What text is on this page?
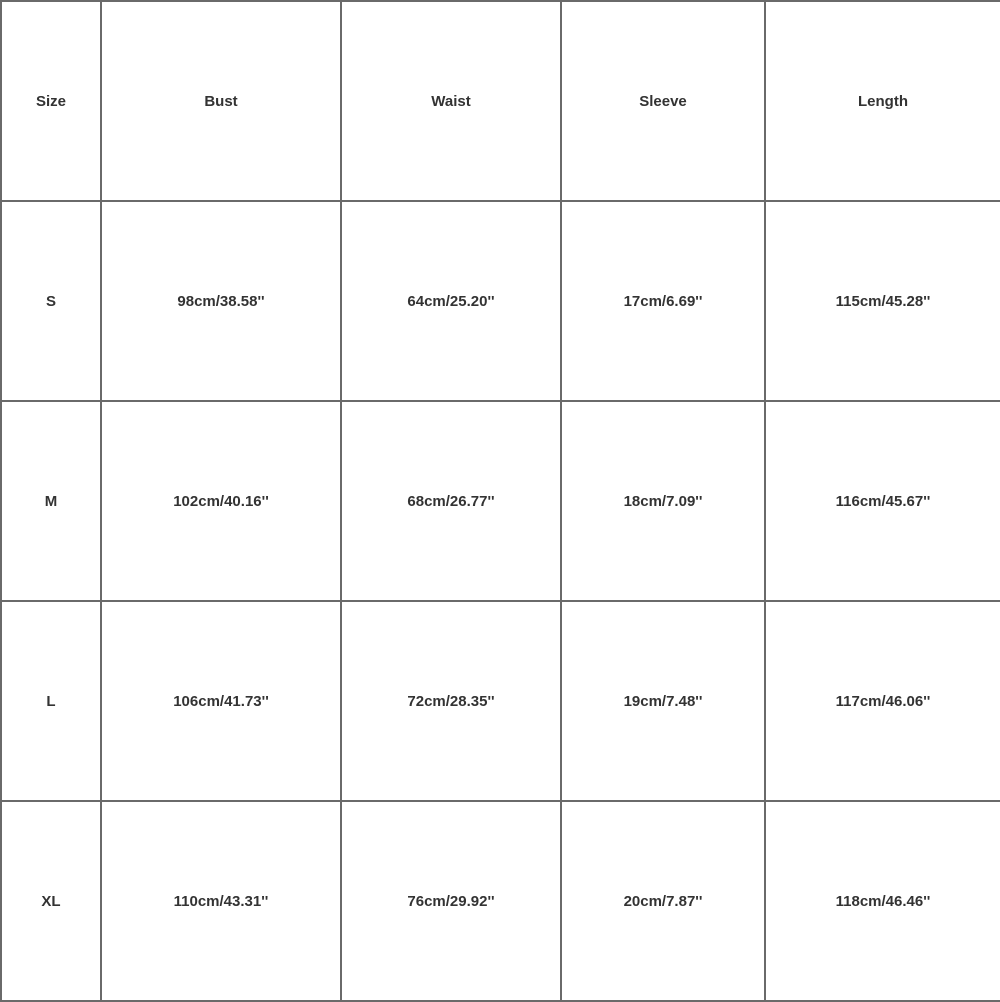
Size	Bust	Waist	Sleeve	Length
S	98cm/38.58''	64cm/25.20''	17cm/6.69''	115cm/45.28''
M	102cm/40.16''	68cm/26.77''	18cm/7.09''	116cm/45.67''
L	106cm/41.73''	72cm/28.35''	19cm/7.48''	117cm/46.06''
XL	110cm/43.31''	76cm/29.92''	20cm/7.87''	118cm/46.46''
